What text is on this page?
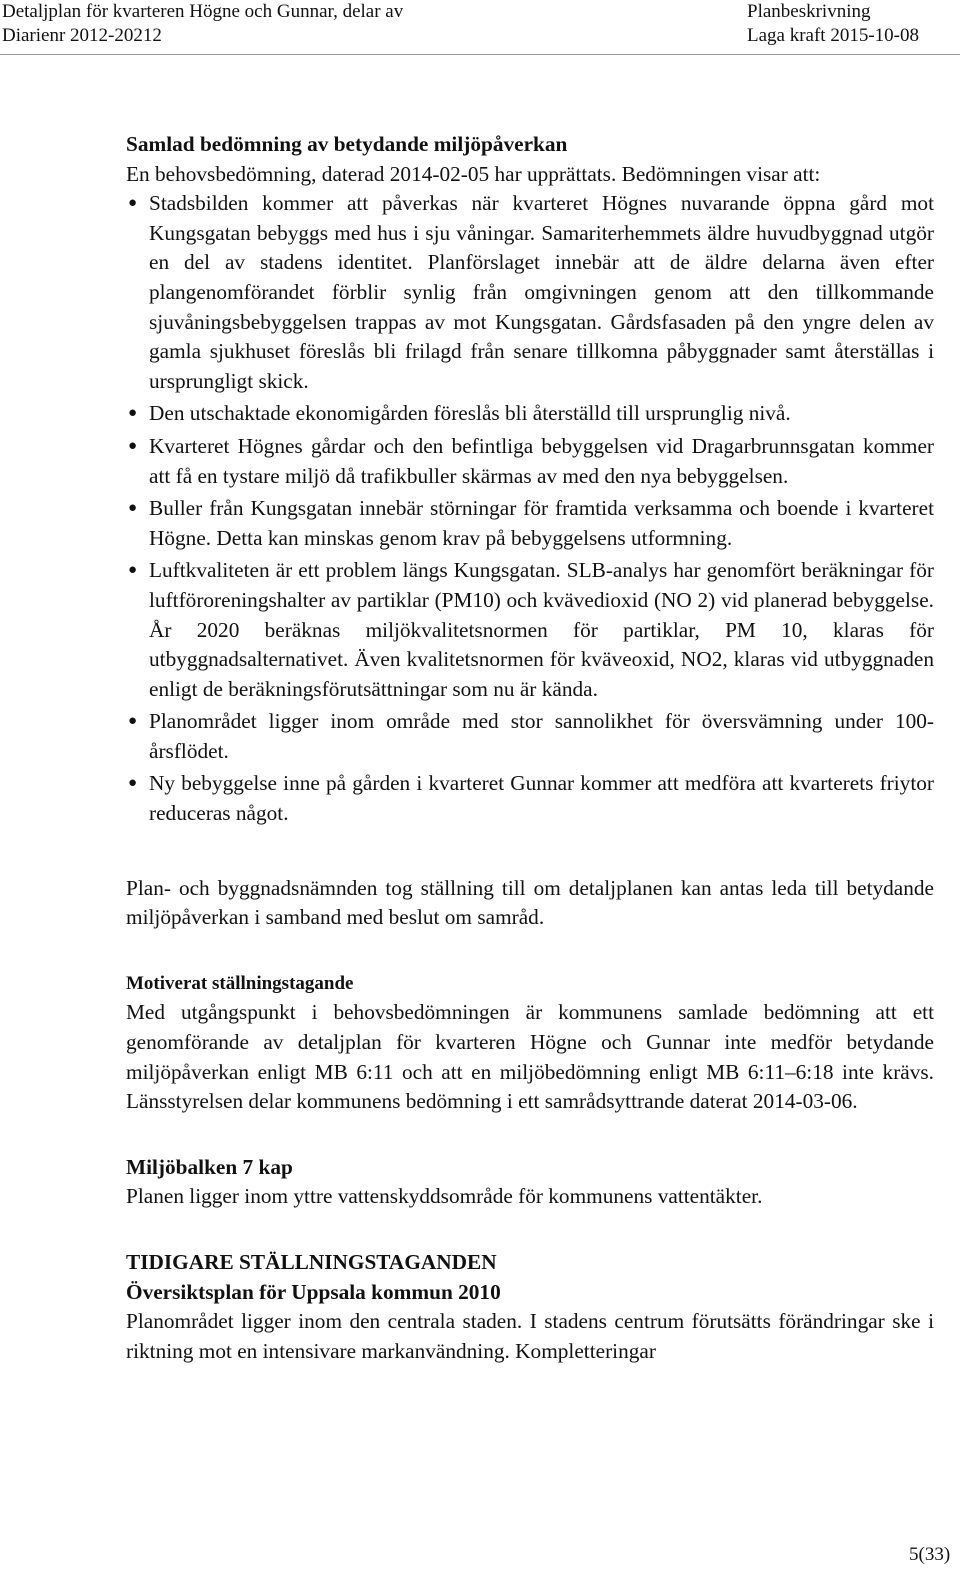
Detaljplan för kvarteren Högne och Gunnar, delar av
Diarienr 2012-20212
Planbeskrivning
Laga kraft 2015-10-08
Samlad bedömning av betydande miljöpåverkan

En behovsbedömning, daterad 2014-02-05 har upprättats. Bedömningen visar att:

● Stadsbilden kommer att påverkas när kvarteret Högnes nuvarande öppna gård mot Kungsgatan bebyggs med hus i sju våningar. Samariterhemmets äldre huvudbyggnad utgör en del av stadens identitet. Planförslaget innebär att de äldre delarna även efter plangenomförandet förblir synlig från omgivningen genom att den tillkommande sjuvåningsbebyggelsen trappas av mot Kungsgatan. Gårdsfasaden på den yngre delen av gamla sjukhuset föreslås bli frilagd från senare tillkomna påbyggnader samt återställas i ursprungligt skick.
● Den utschaktade ekonomigården föreslås bli återställd till ursprunglig nivå.
● Kvarteret Högnes gårdar och den befintliga bebyggelsen vid Dragarbrunnsgatan kommer att få en tystare miljö då trafikbuller skärmas av med den nya bebyggelsen.
● Buller från Kungsgatan innebär störningar för framtida verksamma och boende i kvarteret Högne. Detta kan minskas genom krav på bebyggelsens utformning.
● Luftkvaliteten är ett problem längs Kungsgatan. SLB-analys har genomfört beräkningar för luftföroreningshalter av partiklar (PM10) och kvävedioxid (NO 2) vid planerad bebyggelse. År 2020 beräknas miljökvalitetsnormen för partiklar, PM 10, klaras för utbyggnadsalternativet. Även kvalitetsnormen för kväveoxid, NO2, klaras vid utbyggnaden enligt de beräkningsförutsättningar som nu är kända.
● Planområdet ligger inom område med stor sannolikhet för översvämning under 100-årsflödet.
● Ny bebyggelse inne på gården i kvarteret Gunnar kommer att medföra att kvarterets friytor reduceras något.

Plan- och byggnadsnämnden tog ställning till om detaljplanen kan antas leda till betydande miljöpåverkan i samband med beslut om samråd.

Motiverat ställningstagande

Med utgångspunkt i behovsbedömningen är kommunens samlade bedömning att ett genomförande av detaljplan för kvarteren Högne och Gunnar inte medför betydande miljöpåverkan enligt MB 6:11 och att en miljöbedömning enligt MB 6:11–6:18 inte krävs. Länsstyrelsen delar kommunens bedömning i ett samrådsyttrande daterat 2014-03-06.

Miljöbalken 7 kap

Planen ligger inom yttre vattenskyddsområde för kommunens vattentäkter.

TIDIGARE STÄLLNINGSTAGANDEN
Översiktsplan för Uppsala kommun 2010

Planområdet ligger inom den centrala staden. I stadens centrum förutsätts förändringar ske i riktning mot en intensivare markanvändning. Kompletteringar

5(33)
